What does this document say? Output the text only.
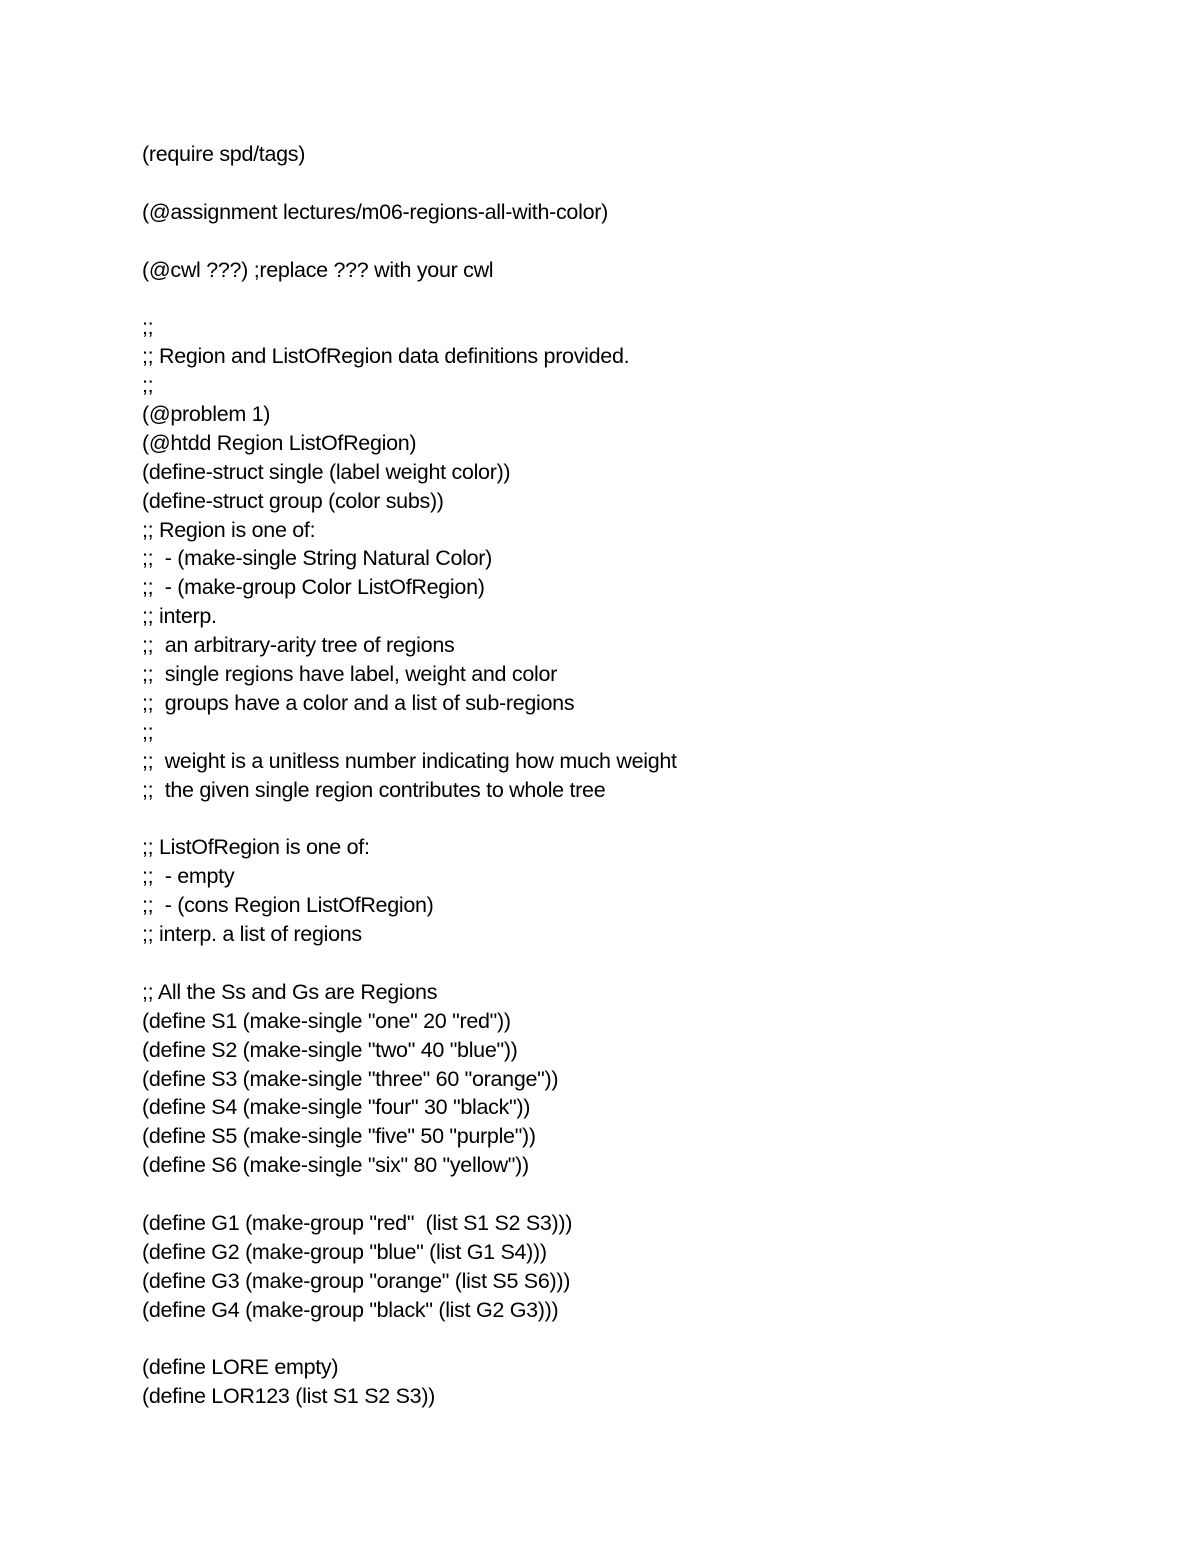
(require spd/tags)
(@assignment lectures/m06-regions-all-with-color)
(@cwl ???) ;replace ??? with your cwl
;;
;; Region and ListOfRegion data definitions provided.
;;
(@problem 1)
(@htdd Region ListOfRegion)
(define-struct single (label weight color))
(define-struct group (color subs))
;; Region is one of:
;;  - (make-single String Natural Color)
;;  - (make-group Color ListOfRegion)
;; interp.
;;  an arbitrary-arity tree of regions
;;  single regions have label, weight and color
;;  groups have a color and a list of sub-regions
;;
;;  weight is a unitless number indicating how much weight
;;  the given single region contributes to whole tree
;; ListOfRegion is one of:
;;  - empty
;;  - (cons Region ListOfRegion)
;; interp. a list of regions
;; All the Ss and Gs are Regions
(define S1 (make-single "one" 20 "red"))
(define S2 (make-single "two" 40 "blue"))
(define S3 (make-single "three" 60 "orange"))
(define S4 (make-single "four" 30 "black"))
(define S5 (make-single "five" 50 "purple"))
(define S6 (make-single "six" 80 "yellow"))
(define G1 (make-group "red"  (list S1 S2 S3)))
(define G2 (make-group "blue" (list G1 S4)))
(define G3 (make-group "orange" (list S5 S6)))
(define G4 (make-group "black" (list G2 G3)))
(define LORE empty)
(define LOR123 (list S1 S2 S3))
